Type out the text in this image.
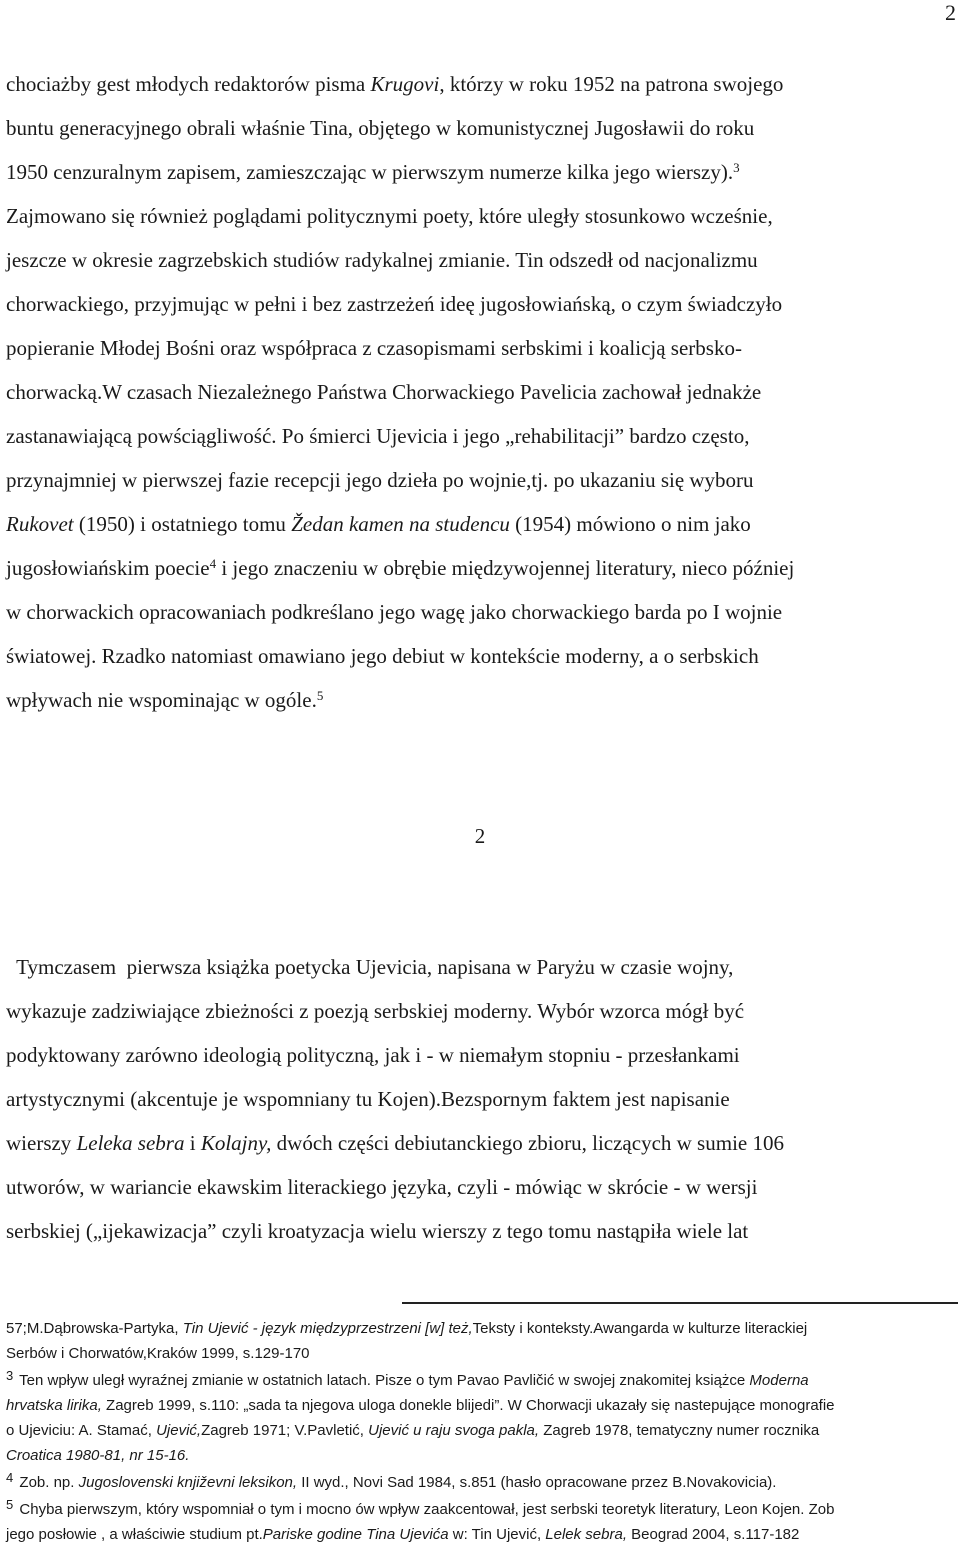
2
chociażby gest młodych redaktorów pisma Krugovi, którzy w roku 1952 na patrona swojego
buntu generacyjnego obrali właśnie Tina, objętego w komunistycznej Jugosławii do roku
1950 cenzuralnym zapisem, zamieszczając w pierwszym numerze kilka jego wierszy).$^3$
Zajmowano się również poglądami politycznymi poety, które uległy stosunkowo wcześnie,
jeszcze w okresie zagrzebskich studiów radykalnej zmianie. Tin odszedł od nacjonalizmu
chorwackiego, przyjmując w pełni i bez zastrzeżeń ideę jugosłowiańską, o czym świadczyło
popieranie Młodej Bośni oraz współpraca z czasopismami serbskimi i koalicją serbsko-
chorwacką.W czasach Niezależnego Państwa Chorwackiego Pavelicia zachował jednakże
zastanawiającą powściągliwość. Po śmierci Ujevicia i jego „rehabilitacji” bardzo często,
przynajmniej w pierwszej fazie recepcji jego dzieła po wojnie,tj. po ukazaniu się wyboru
Rukovet (1950) i ostatniego tomu Žedan kamen na studencu (1954) mówiono o nim jako
jugosłowiańskim poecie$^4$ i jego znaczeniu w obrębie międzywojennej literatury, nieco później
w chorwackich opracowaniach podkreślano jego wagę jako chorwackiego barda po I wojnie
światowej. Rzadko natomiast omawiano jego debiut w kontekście moderny, a o serbskich
wpływach nie wspominając w ogóle.$^5$
2
Tymczasem  pierwsza książka poetycka Ujevicia, napisana w Paryżu w czasie wojny,
wykazuje zadziwiające zbieżności z poezją serbskiej moderny. Wybór wzorca mógł być
podyktowany zarówno ideologią polityczną, jak i - w niemałym stopniu - przesłankami
artystycznymi (akcentuje je wspomniany tu Kojen).Bezspornym faktem jest napisanie
wierszy Leleka sebra i Kolajny, dwóch części debiutanckiego zbioru, liczących w sumie 106
utworów, w wariancie ekawskim literackiego języka, czyli - mówiąc w skrócie - w wersji
serbskiej („ijekawizacja” czyli kroatyzacja wielu wierszy z tego tomu nastąpiła wiele lat
57;M.Dąbrowska-Partyka, Tin Ujević - język międzyprzestrzeni [w] też,Teksty i konteksty.Awangarda w kulturze literackiej
Serbów i Chorwatów,Kraków 1999, s.129-170
3 Ten wpływ uległ wyraźnej zmianie w ostatnich latach. Pisze o tym Pavao Pavličić w swojej znakomitej książce Moderna
hrvatska lirika, Zagreb 1999, s.110: „sada ta njegova uloga donekle blijedi”. W Chorwacji ukazały się nastepujące monografie
o Ujeviciu: A. Stamać, Ujević,Zagreb 1971; V.Pavletić, Ujević u raju svoga pakla, Zagreb 1978, tematyczny numer rocznika
Croatica 1980-81, nr 15-16.
4 Zob. np. Jugoslovenski književni leksikon, II wyd., Novi Sad 1984, s.851 (hasło opracowane przez B.Novakovicia).
5 Chyba pierwszym, który wspomniał o tym i mocno ów wpływ zaakcentował, jest serbski teoretyk literatury, Leon Kojen. Zob
jego posłowie , a właściwie studium pt.Pariske godine Tina Ujevića w: Tin Ujević, Lelek sebra, Beograd 2004, s.117-182
